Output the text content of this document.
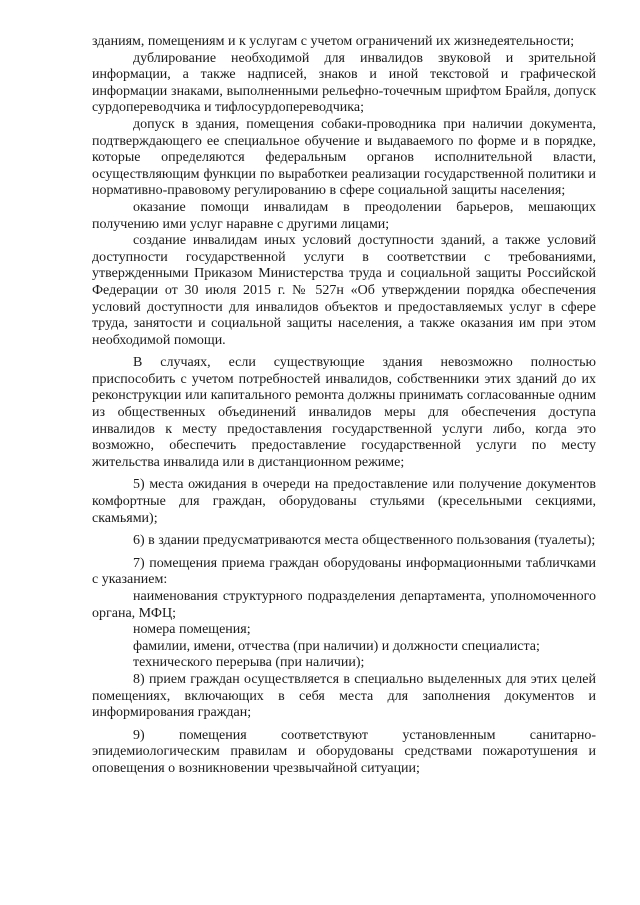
зданиям, помещениям и к услугам с учетом ограничений их жизнедеятельности;

дублирование необходимой для инвалидов звуковой и зрительной информации, а также надписей, знаков и иной текстовой и графической информации знаками, выполненными рельефно-точечным шрифтом Брайля, допуск сурдопереводчика и тифлосурдопереводчика;

допуск в здания, помещения собаки-проводника при наличии документа, подтверждающего ее специальное обучение и выдаваемого по форме и в порядке, которые определяются федеральным органов исполнительной власти, осуществляющим функции по выработкеи реализации государственной политики и нормативно-правовому регулированию в сфере социальной защиты населения;

оказание помощи инвалидам в преодолении барьеров, мешающих получению ими услуг наравне с другими лицами;

создание инвалидам иных условий доступности зданий, а также условий доступности государственной услуги в соответствии с требованиями, утвержденными Приказом Министерства труда и социальной защиты Российской Федерации от 30 июля 2015 г. № 527н «Об утверждении порядка обеспечения условий доступности для инвалидов объектов и предоставляемых услуг в сфере труда, занятости и социальной защиты населения, а также оказания им при этом необходимой помощи.

В случаях, если существующие здания невозможно полностью приспособить с учетом потребностей инвалидов, собственники этих зданий до их реконструкции или капитального ремонта должны принимать согласованные одним из общественных объединений инвалидов меры для обеспечения доступа инвалидов к месту предоставления государственной услуги либо, когда это возможно, обеспечить предоставление государственной услуги по месту жительства инвалида или в дистанционном режиме;

5) места ожидания в очереди на предоставление или получение документов комфортные для граждан, оборудованы стульями (кресельными секциями, скамьями);

6) в здании предусматриваются места общественного пользования (туалеты);

7) помещения приема граждан оборудованы информационными табличками с указанием:

наименования структурного подразделения департамента, уполномоченного органа, МФЦ;

номера помещения;

фамилии, имени, отчества (при наличии) и должности специалиста;

технического перерыва (при наличии);

8) прием граждан осуществляется в специально выделенных для этих целей помещениях, включающих в себя места для заполнения документов и информирования граждан;

9) помещения соответствуют установленным санитарно-эпидемиологическим правилам и оборудованы средствами пожаротушения и оповещения о возникновении чрезвычайной ситуации;
